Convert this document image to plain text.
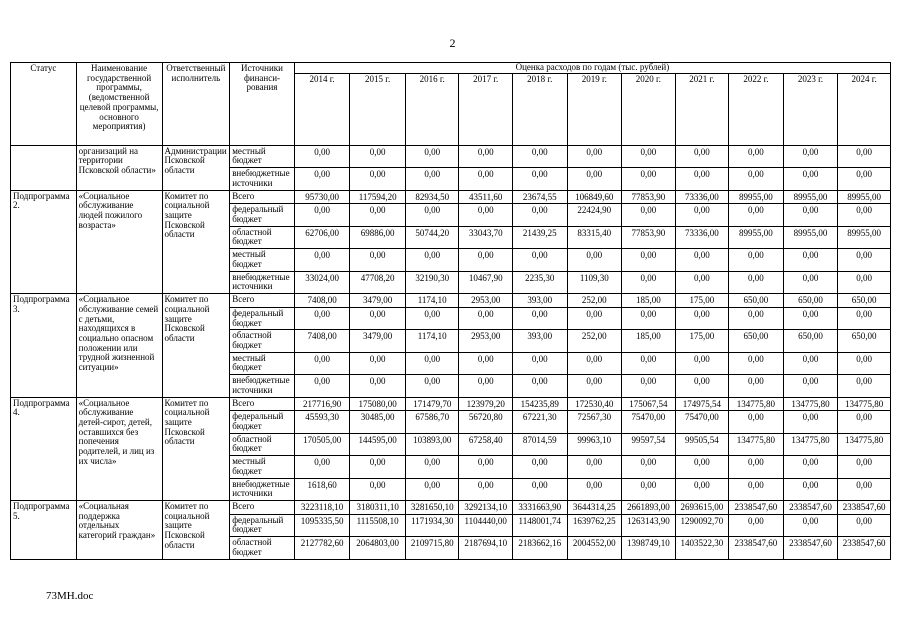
2
Статус	Наименование государственной программы, (ведомственной целевой программы, основного мероприятия)	Ответственный исполнитель	Источники финанси-рования	Оценка расходов по годам (тыс. рублей)										
				2014 г.	2015 г.	2016 г.	2017 г.	2018 г.	2019 г.	2020 г.	2021 г.	2022 г.	2023 г.	2024 г.
	организаций на территории Псковской области»	Администрации Псковской области	местный бюджет	0,00	0,00	0,00	0,00	0,00	0,00	0,00	0,00	0,00	0,00	0,00
			внебюджетные источники	0,00	0,00	0,00	0,00	0,00	0,00	0,00	0,00	0,00	0,00	0,00
Подпрограмма 2.	«Социальное обслуживание людей пожилого возраста»	Комитет по социальной защите Псковской области	Всего	95730,00	117594,20	82934,50	43511,60	23674,55	106849,60	77853,90	73336,00	89955,00	89955,00	89955,00
			федеральный бюджет	0,00	0,00	0,00	0,00	0,00	22424,90	0,00	0,00	0,00	0,00	0,00
			областной бюджет	62706,00	69886,00	50744,20	33043,70	21439,25	83315,40	77853,90	73336,00	89955,00	89955,00	89955,00
			местный бюджет	0,00	0,00	0,00	0,00	0,00	0,00	0,00	0,00	0,00	0,00	0,00
			внебюджетные источники	33024,00	47708,20	32190,30	10467,90	2235,30	1109,30	0,00	0,00	0,00	0,00	0,00
Подпрограмма 3.	«Социальное обслуживание семей с детьми, находящихся в социально опасном положении или трудной жизненной ситуации»	Комитет по социальной защите Псковской области	Всего	7408,00	3479,00	1174,10	2953,00	393,00	252,00	185,00	175,00	650,00	650,00	650,00
			федеральный бюджет	0,00	0,00	0,00	0,00	0,00	0,00	0,00	0,00	0,00	0,00	0,00
			областной бюджет	7408,00	3479,00	1174,10	2953,00	393,00	252,00	185,00	175,00	650,00	650,00	650,00
			местный бюджет	0,00	0,00	0,00	0,00	0,00	0,00	0,00	0,00	0,00	0,00	0,00
			внебюджетные источники	0,00	0,00	0,00	0,00	0,00	0,00	0,00	0,00	0,00	0,00	0,00
Подпрограмма 4.	«Социальное обслуживание детей-сирот, детей, оставшихся без попечения родителей, и лиц из их числа»	Комитет по социальной защите Псковской области	Всего	217716,90	175080,00	171479,70	123979,20	154235,89	172530,40	175067,54	174975,54	134775,80	134775,80	134775,80
			федеральный бюджет	45593,30	30485,00	67586,70	56720,80	67221,30	72567,30	75470,00	75470,00	0,00	0,00	0,00
			областной бюджет	170505,00	144595,00	103893,00	67258,40	87014,59	99963,10	99597,54	99505,54	134775,80	134775,80	134775,80
			местный бюджет	0,00	0,00	0,00	0,00	0,00	0,00	0,00	0,00	0,00	0,00	0,00
			внебюджетные источники	1618,60	0,00	0,00	0,00	0,00	0,00	0,00	0,00	0,00	0,00	0,00
Подпрограмма 5.	«Социальная поддержка отдельных категорий граждан»	Комитет по социальной защите Псковской области	Всего	3223118,10	3180311,10	3281650,10	3292134,10	3331663,90	3644314,25	2661893,00	2693615,00	2338547,60	2338547,60	2338547,60
			федеральный бюджет	1095335,50	1115508,10	1171934,30	1104440,00	1148001,74	1639762,25	1263143,90	1290092,70	0,00	0,00	0,00
			областной бюджет	2127782,60	2064803,00	2109715,80	2187694,10	2183662,16	2004552,00	1398749,10	1403522,30	2338547,60	2338547,60	2338547,60
73MH.doc
